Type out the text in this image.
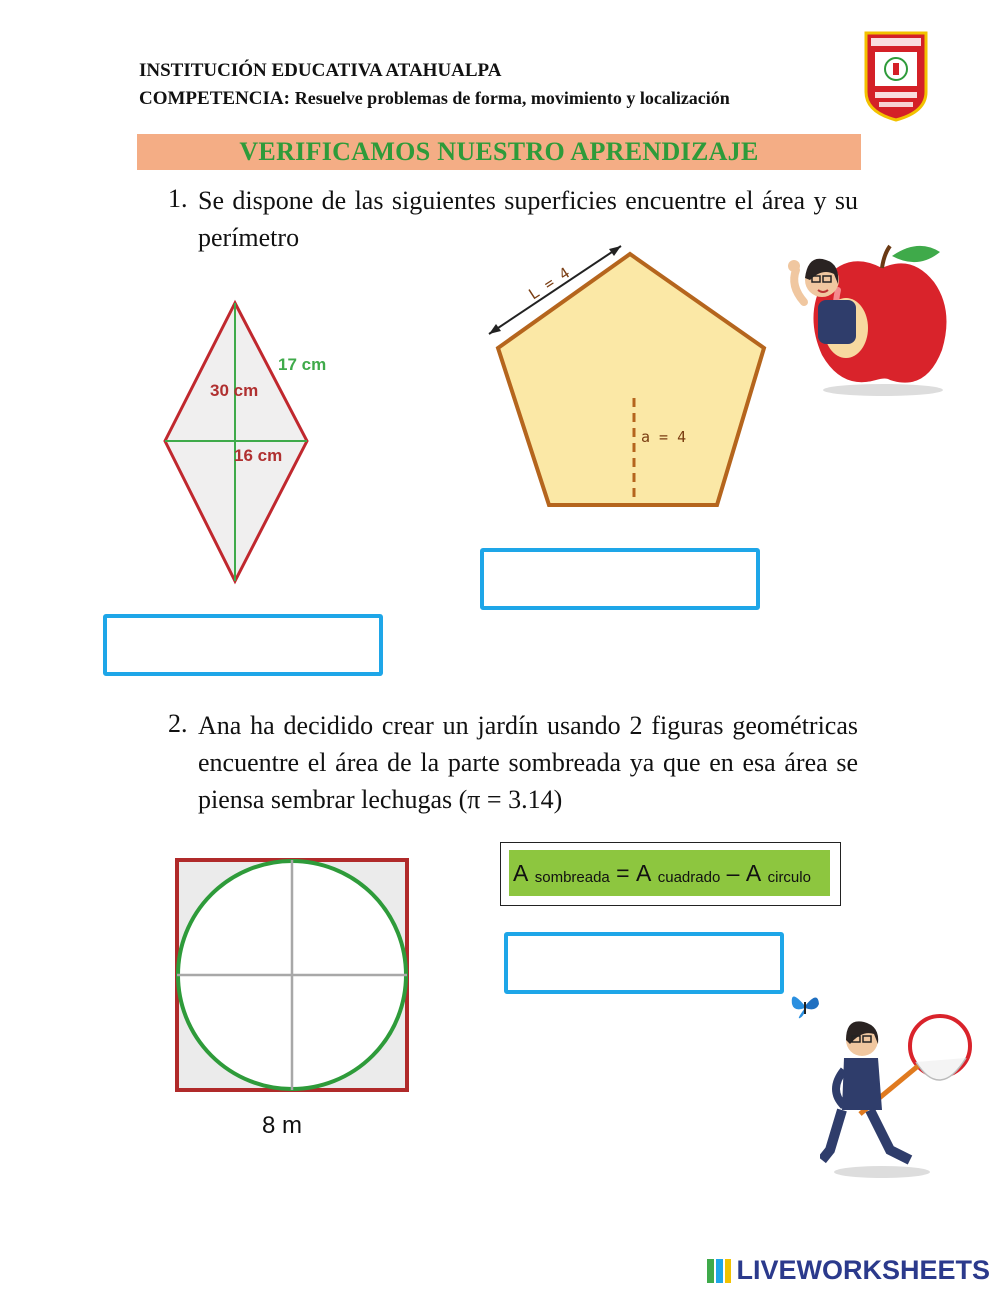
INSTITUCIÓN EDUCATIVA ATAHUALPA
COMPETENCIA: Resuelve problemas de forma, movimiento y localización
VERIFICAMOS NUESTRO APRENDIZAJE
1. Se dispone de las siguientes superficies encuentre el área y su perímetro
17 cm
30 cm
16 cm
L = 4
a = 4
2. Ana ha decidido crear un jardín usando 2 figuras geométricas encuentre el área de la parte sombreada ya que en esa área se piensa sembrar lechugas (π = 3.14)
8 m
A
sombreada = A
cuadrado – A
circulo
LIVEWORKSHEETS
